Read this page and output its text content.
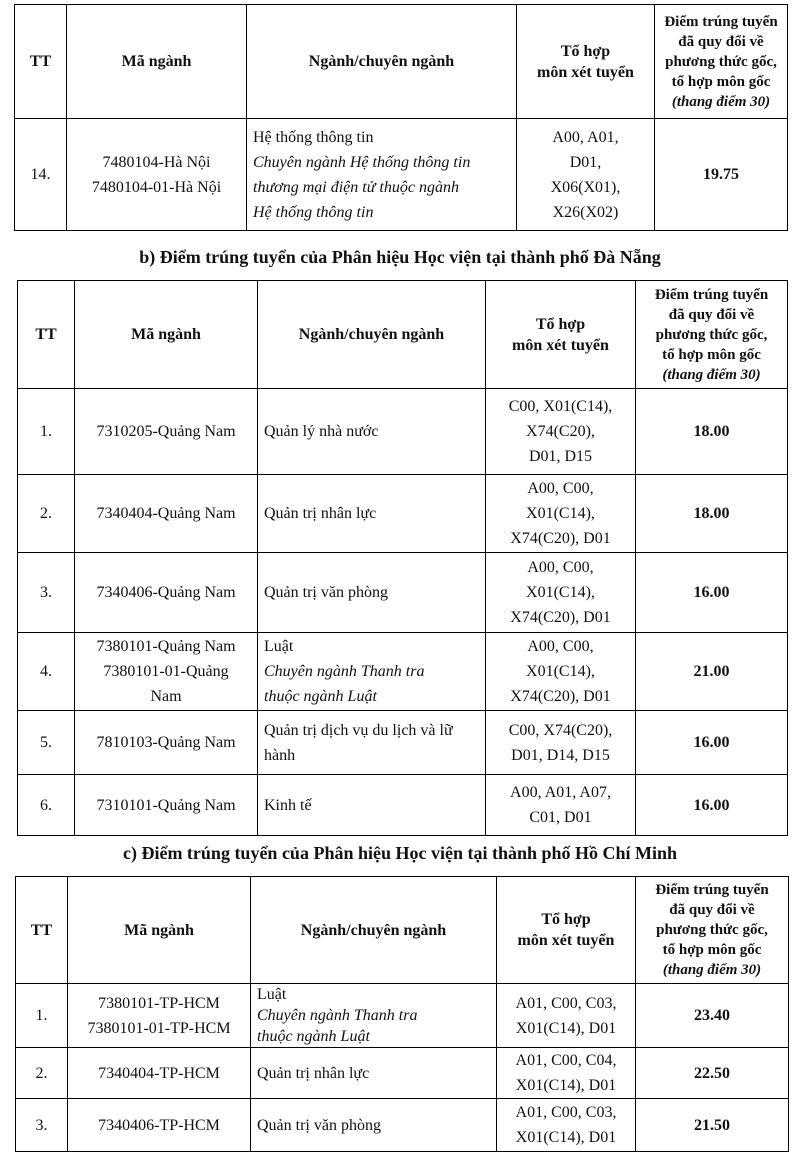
TT	Mã ngành	Ngành/chuyên ngành	Tổ hợp
môn xét tuyển	Điểm trúng tuyển
đã quy đổi về
phương thức gốc,
tổ hợp môn gốc
(thang điểm 30)

14.	7480104-Hà Nội
7480104-01-Hà Nội	Hệ thống thông tin
Chuyên ngành Hệ thống thông tin
thương mại điện tử thuộc ngành
Hệ thống thông tin	A00, A01,
D01,
X06(X01),
X26(X02)	19.75
b) Điểm trúng tuyển của Phân hiệu Học viện tại thành phố Đà Nẵng
TT	Mã ngành	Ngành/chuyên ngành	Tổ hợp
môn xét tuyển	Điểm trúng tuyển
đã quy đổi về
phương thức gốc,
tổ hợp môn gốc
(thang điểm 30)

1.	7310205-Quảng Nam	Quản lý nhà nước	C00, X01(C14),
X74(C20),
D01, D15	18.00
2.	7340404-Quảng Nam	Quản trị nhân lực	A00, C00,
X01(C14),
X74(C20), D01	18.00
3.	7340406-Quảng Nam	Quản trị văn phòng	A00, C00,
X01(C14),
X74(C20), D01	16.00
4.	7380101-Quảng Nam
7380101-01-Quảng
Nam	Luật
Chuyên ngành Thanh tra
thuộc ngành Luật	A00, C00,
X01(C14),
X74(C20), D01	21.00
5.	7810103-Quảng Nam	Quản trị dịch vụ du lịch và lữ
hành	C00, X74(C20),
D01, D14, D15	16.00
6.	7310101-Quảng Nam	Kinh tế	A00, A01, A07,
C01, D01	16.00
c) Điểm trúng tuyển của Phân hiệu Học viện tại thành phố Hồ Chí Minh
TT	Mã ngành	Ngành/chuyên ngành	Tổ hợp
môn xét tuyển	Điểm trúng tuyển
đã quy đổi về
phương thức gốc,
tổ hợp môn gốc
(thang điểm 30)

1.	7380101-TP-HCM
7380101-01-TP-HCM	Luật
Chuyên ngành Thanh tra
thuộc ngành Luật	A01, C00, C03,
X01(C14), D01	23.40
2.	7340404-TP-HCM	Quản trị nhân lực	A01, C00, C04,
X01(C14), D01	22.50
3.	7340406-TP-HCM	Quản trị văn phòng	A01, C00, C03,
X01(C14), D01	21.50
